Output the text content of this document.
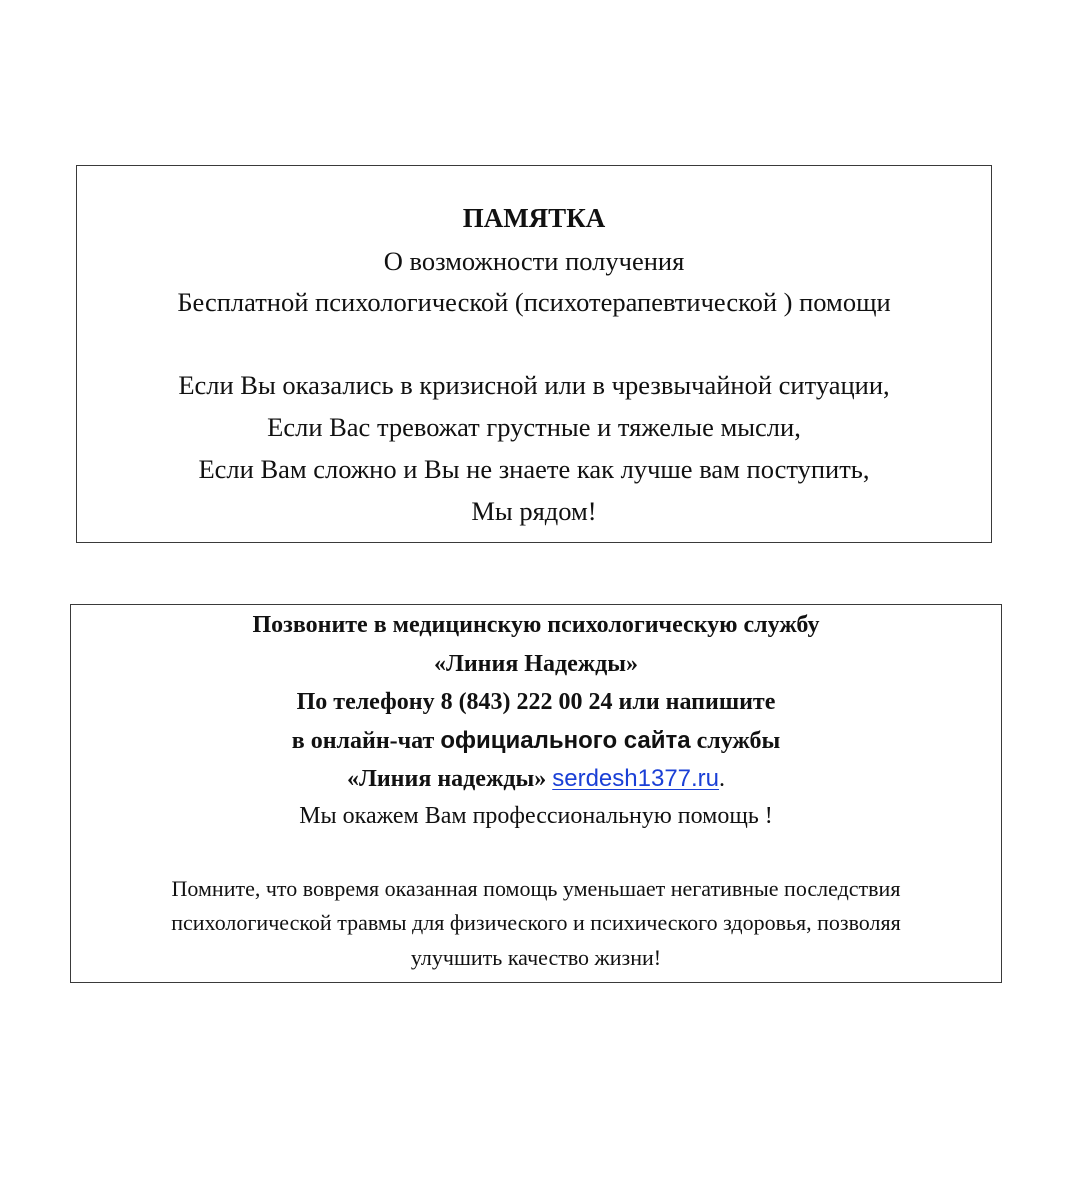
ПАМЯТКА
О возможности получения
Бесплатной психологической (психотерапевтической ) помощи
Если Вы оказались в кризисной или в чрезвычайной ситуации,
Если Вас тревожат грустные и тяжелые мысли,
Если Вам сложно и Вы не знаете как лучше вам поступить,
Мы рядом!
Позвоните в медицинскую психологическую службу
«Линия Надежды»
По телефону 8 (843) 222 00 24 или напишите
в онлайн-чат официального сайта службы
«Линия надежды» serdesh1377.ru.
Мы окажем Вам профессиональную помощь !
Помните, что вовремя оказанная помощь уменьшает негативные последствия
психологической травмы для физического и психического здоровья, позволяя
улучшить качество жизни!
